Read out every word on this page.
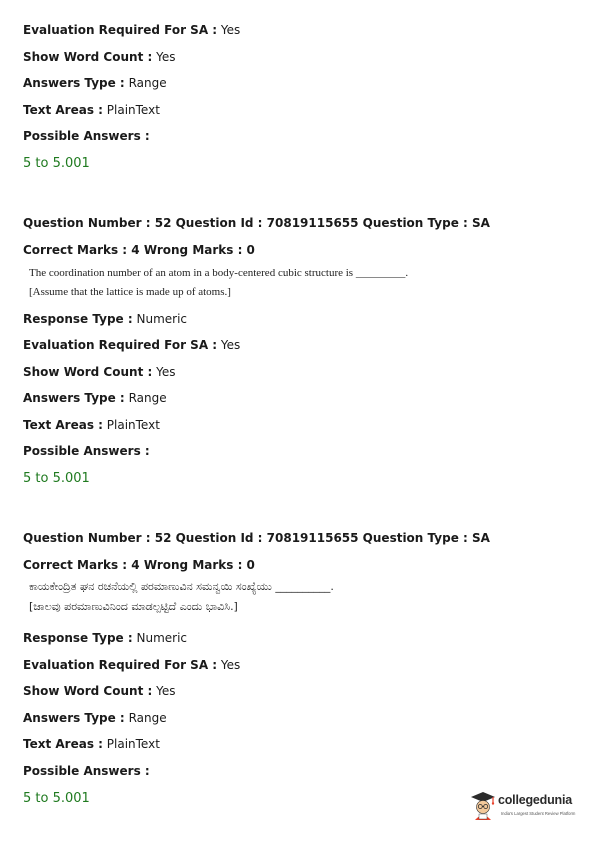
Evaluation Required For SA : Yes
Show Word Count : Yes
Answers Type : Range
Text Areas : PlainText
Possible Answers :
5 to 5.001
Question Number : 52 Question Id : 70819115655 Question Type : SA
Correct Marks : 4 Wrong Marks : 0
The coordination number of an atom in a body-centered cubic structure is _________.
[Assume that the lattice is made up of atoms.]
Response Type : Numeric
Evaluation Required For SA : Yes
Show Word Count : Yes
Answers Type : Range
Text Areas : PlainText
Possible Answers :
5 to 5.001
Question Number : 52 Question Id : 70819115655 Question Type : SA
Correct Marks : 4 Wrong Marks : 0
ಕಾಯಕೇಂದ್ರಿತ ಘನ ರಚನೆಯಲ್ಲಿ ಪರಮಾಣುವಿನ ಸಮನ್ವಯಿ ಸಂಖ್ಯೆಯು __________.
[ಜಾಲವು ಪರಮಾಣುವಿನಿಂದ ಮಾಡಲ್ಪಟ್ಟಿದೆ ಎಂದು ಭಾವಿಸಿ.]
Response Type : Numeric
Evaluation Required For SA : Yes
Show Word Count : Yes
Answers Type : Range
Text Areas : PlainText
Possible Answers :
5 to 5.001	collegedunia
India's Largest Student Review Platform
